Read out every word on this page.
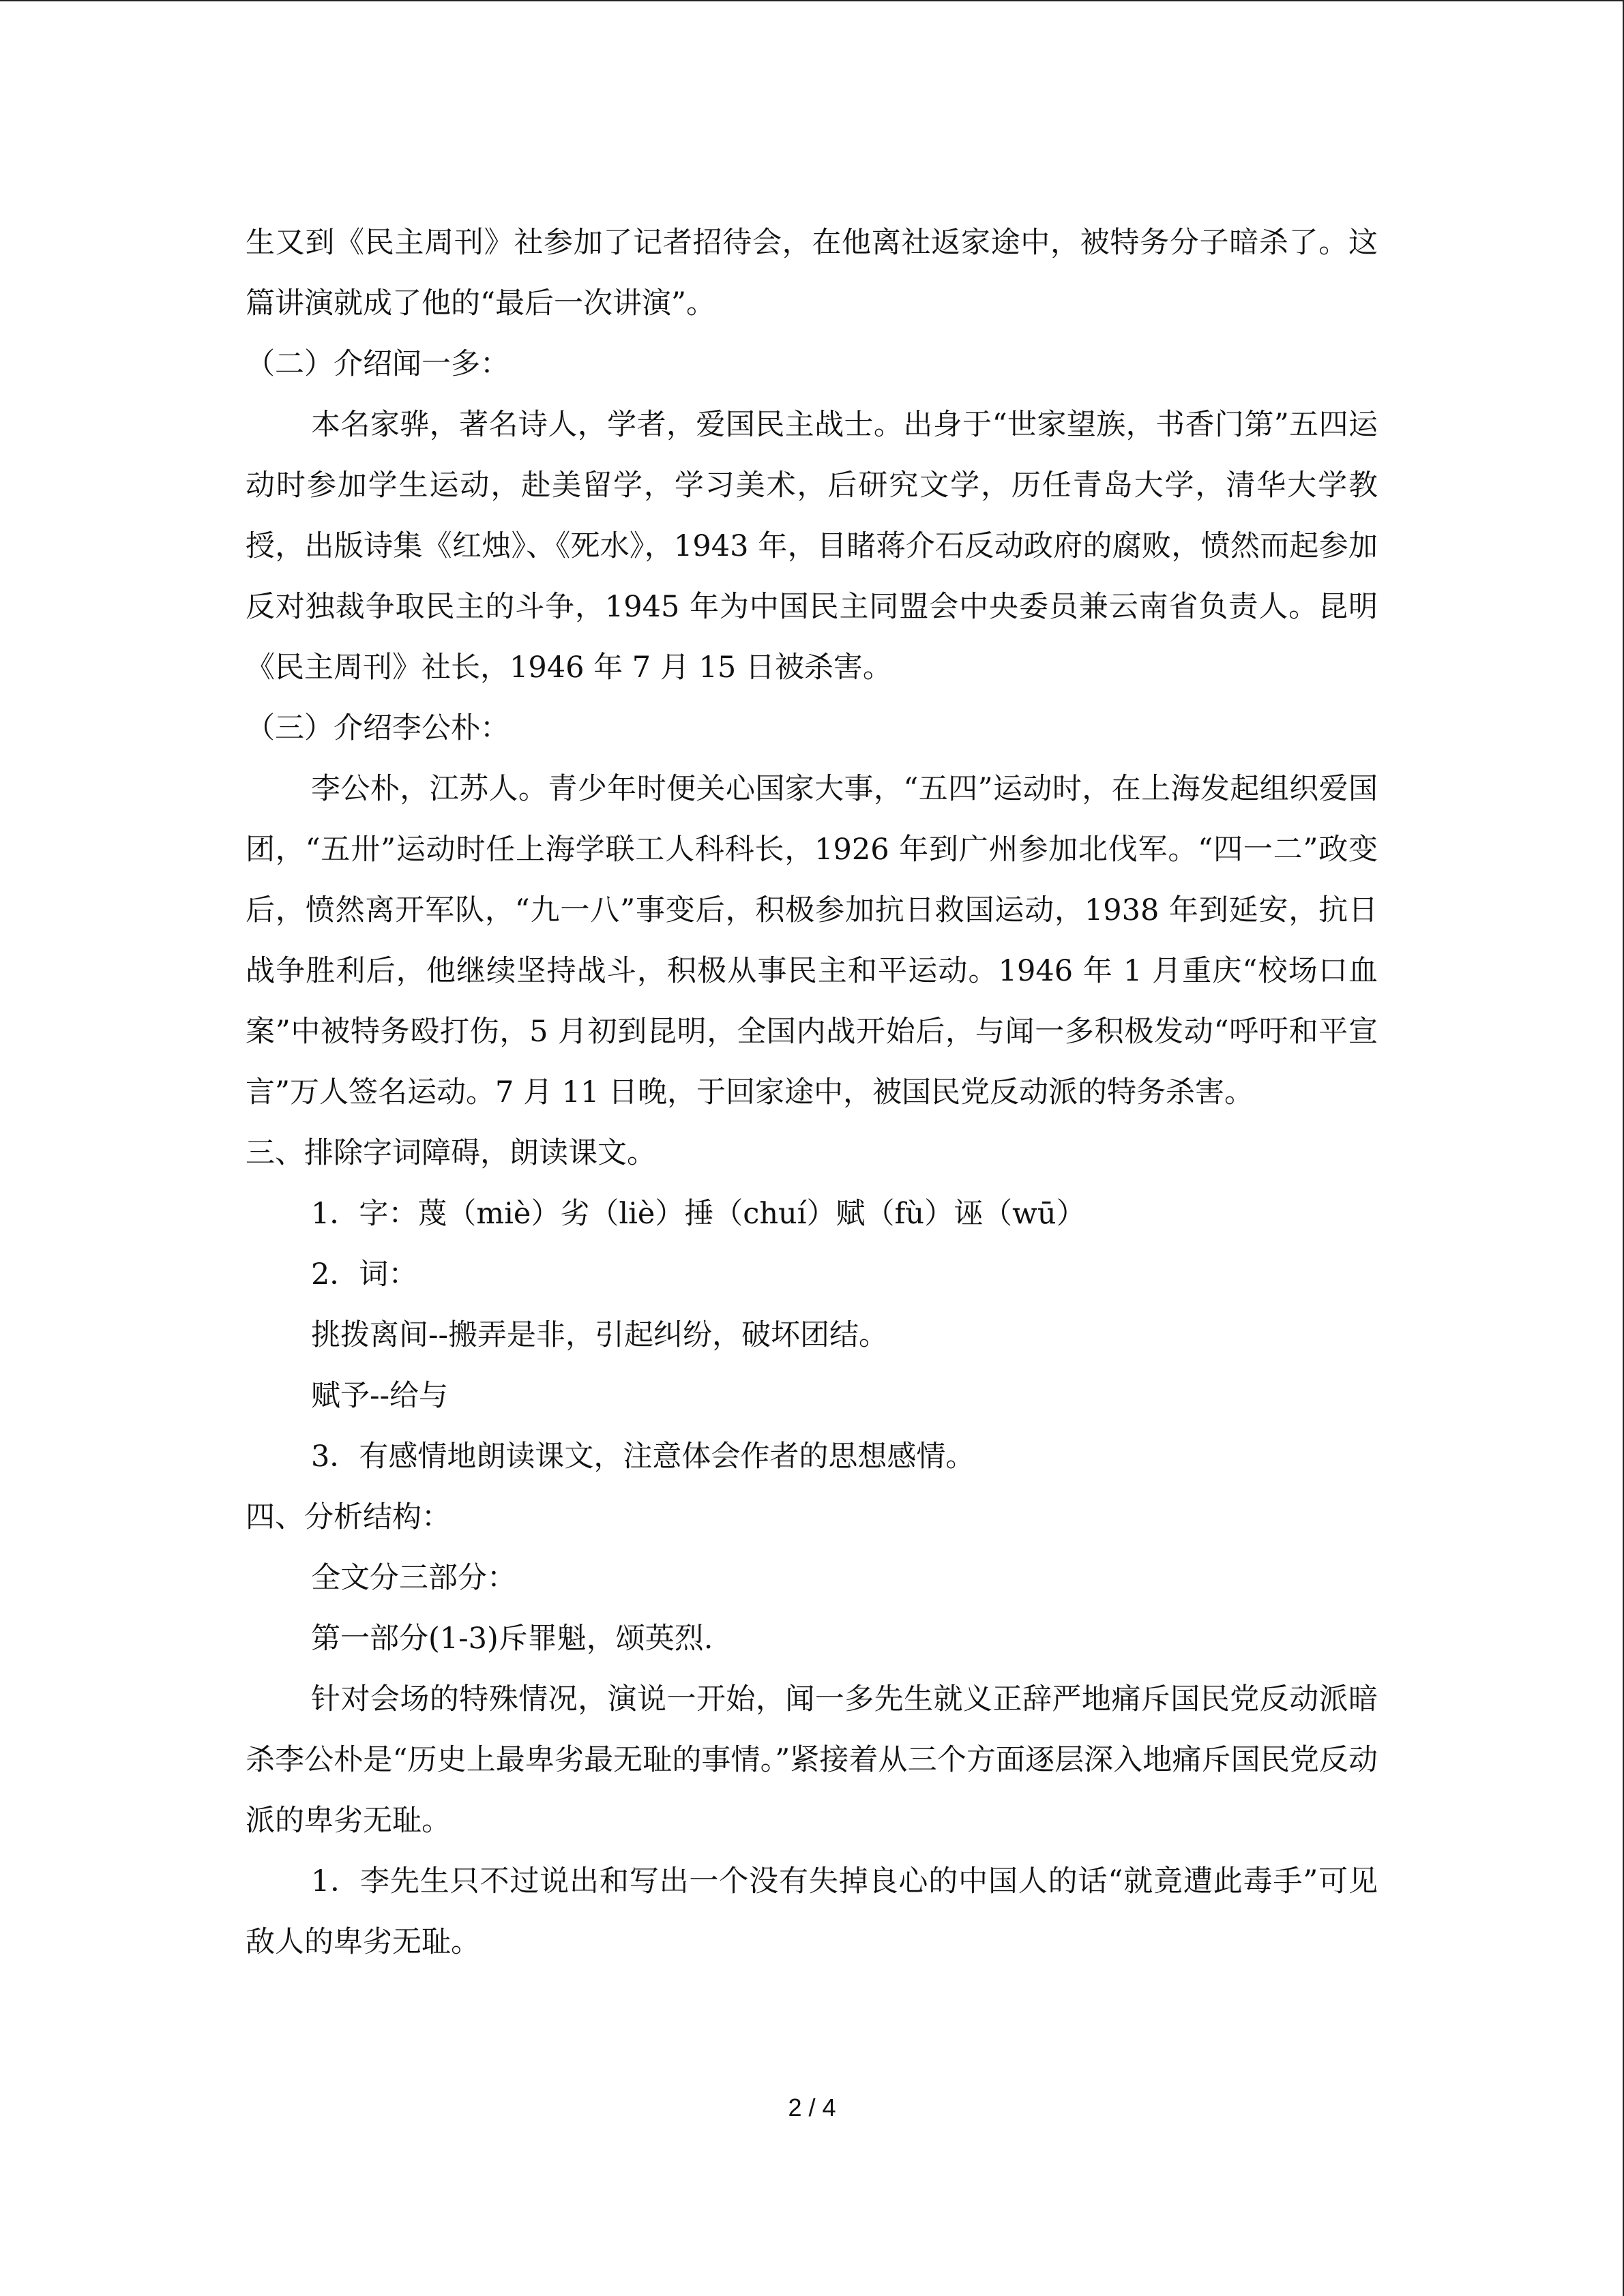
生又到《民主周刊》社参加了记者招待会，在他离社返家途中，被特务分子暗杀了。这篇讲演就成了他的“最后一次讲演”。

（二）介绍闻一多：

本名家骅，著名诗人，学者，爱国民主战士。出身于“世家望族，书香门第”五四运动时参加学生运动，赴美留学，学习美术，后研究文学，历任青岛大学，清华大学教授，出版诗集《红烛》、《死水》，1943 年，目睹蒋介石反动政府的腐败，愤然而起参加反对独裁争取民主的斗争，1945 年为中国民主同盟会中央委员兼云南省负责人。昆明《民主周刊》社长，1946 年 7 月 15 日被杀害。

（三）介绍李公朴：

李公朴，江苏人。青少年时便关心国家大事，“五四”运动时，在上海发起组织爱国团，“五卅”运动时任上海学联工人科科长，1926 年到广州参加北伐军。“四一二”政变后，愤然离开军队，“九一八”事变后，积极参加抗日救国运动，1938 年到延安，抗日战争胜利后，他继续坚持战斗，积极从事民主和平运动。1946 年 1 月重庆“校场口血案”中被特务殴打伤，5 月初到昆明，全国内战开始后，与闻一多积极发动“呼吁和平宣言”万人签名运动。7 月 11 日晚，于回家途中，被国民党反动派的特务杀害。

三、排除字词障碍，朗读课文。

1．字：蔑（miè）劣（liè）捶（chuí）赋（fù）诬（wū）

2．词：

挑拨离间--搬弄是非，引起纠纷，破坏团结。

赋予--给与

3．有感情地朗读课文，注意体会作者的思想感情。

四、分析结构：

全文分三部分：

第一部分(1-3)斥罪魁，颂英烈.

针对会场的特殊情况，演说一开始，闻一多先生就义正辞严地痛斥国民党反动派暗杀李公朴是“历史上最卑劣最无耻的事情。”紧接着从三个方面逐层深入地痛斥国民党反动派的卑劣无耻。

1．李先生只不过说出和写出一个没有失掉良心的中国人的话“就竟遭此毒手”可见敌人的卑劣无耻。

2 / 4
